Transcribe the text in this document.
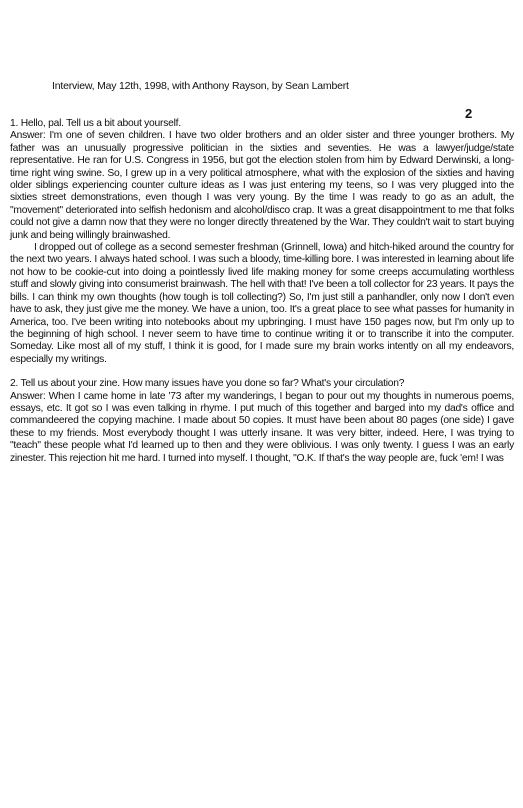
Interview, May 12th, 1998, with Anthony Rayson, by Sean Lambert
2

1. Hello, pal. Tell us a bit about yourself.

Answer: I'm one of seven children. I have two older brothers and an older sister and three younger brothers. My father was an unusually progressive politician in the sixties and seventies. He was a lawyer/judge/state representative. He ran for U.S. Congress in 1956, but got the election stolen from him by Edward Derwinski, a long-time right wing swine. So, I grew up in a very political atmosphere, what with the explosion of the sixties and having older siblings experiencing counter culture ideas as I was just entering my teens, so I was very plugged into the sixties street demonstrations, even though I was very young. By the time I was ready to go as an adult, the "movement" deteriorated into selfish hedonism and alcohol/disco crap. It was a great disappointment to me that folks could not give a damn now that they were no longer directly threatened by the War. They couldn't wait to start buying junk and being willingly brainwashed.

I dropped out of college as a second semester freshman (Grinnell, Iowa) and hitch-hiked around the country for the next two years. I always hated school. I was such a bloody, time-killing bore. I was interested in learning about life not how to be cookie-cut into doing a pointlessly lived life making money for some creeps accumulating worthless stuff and slowly giving into consumerist brainwash. The hell with that! I've been a toll collector for 23 years. It pays the bills. I can think my own thoughts (how tough is toll collecting?) So, I'm just still a panhandler, only now I don't even have to ask, they just give me the money. We have a union, too. It's a great place to see what passes for humanity in America, too. I've been writing into notebooks about my upbringing. I must have 150 pages now, but I'm only up to the beginning of high school. I never seem to have time to continue writing it or to transcribe it into the computer. Someday. Like most all of my stuff, I think it is good, for I made sure my brain works intently on all my endeavors, especially my writings.

2. Tell us about your zine. How many issues have you done so far? What's your circulation?

Answer: When I came home in late '73 after my wanderings, I began to pour out my thoughts in numerous poems, essays, etc. It got so I was even talking in rhyme. I put much of this together and barged into my dad's office and commandeered the copying machine. I made about 50 copies. It must have been about 80 pages (one side) I gave these to my friends. Most everybody thought I was utterly insane. It was very bitter, indeed. Here, I was trying to "teach" these people what I'd learned up to then and they were oblivious. I was only twenty. I guess I was an early zinester. This rejection hit me hard. I turned into myself. I thought, "O.K. If that's the way people are, fuck 'em! I was
